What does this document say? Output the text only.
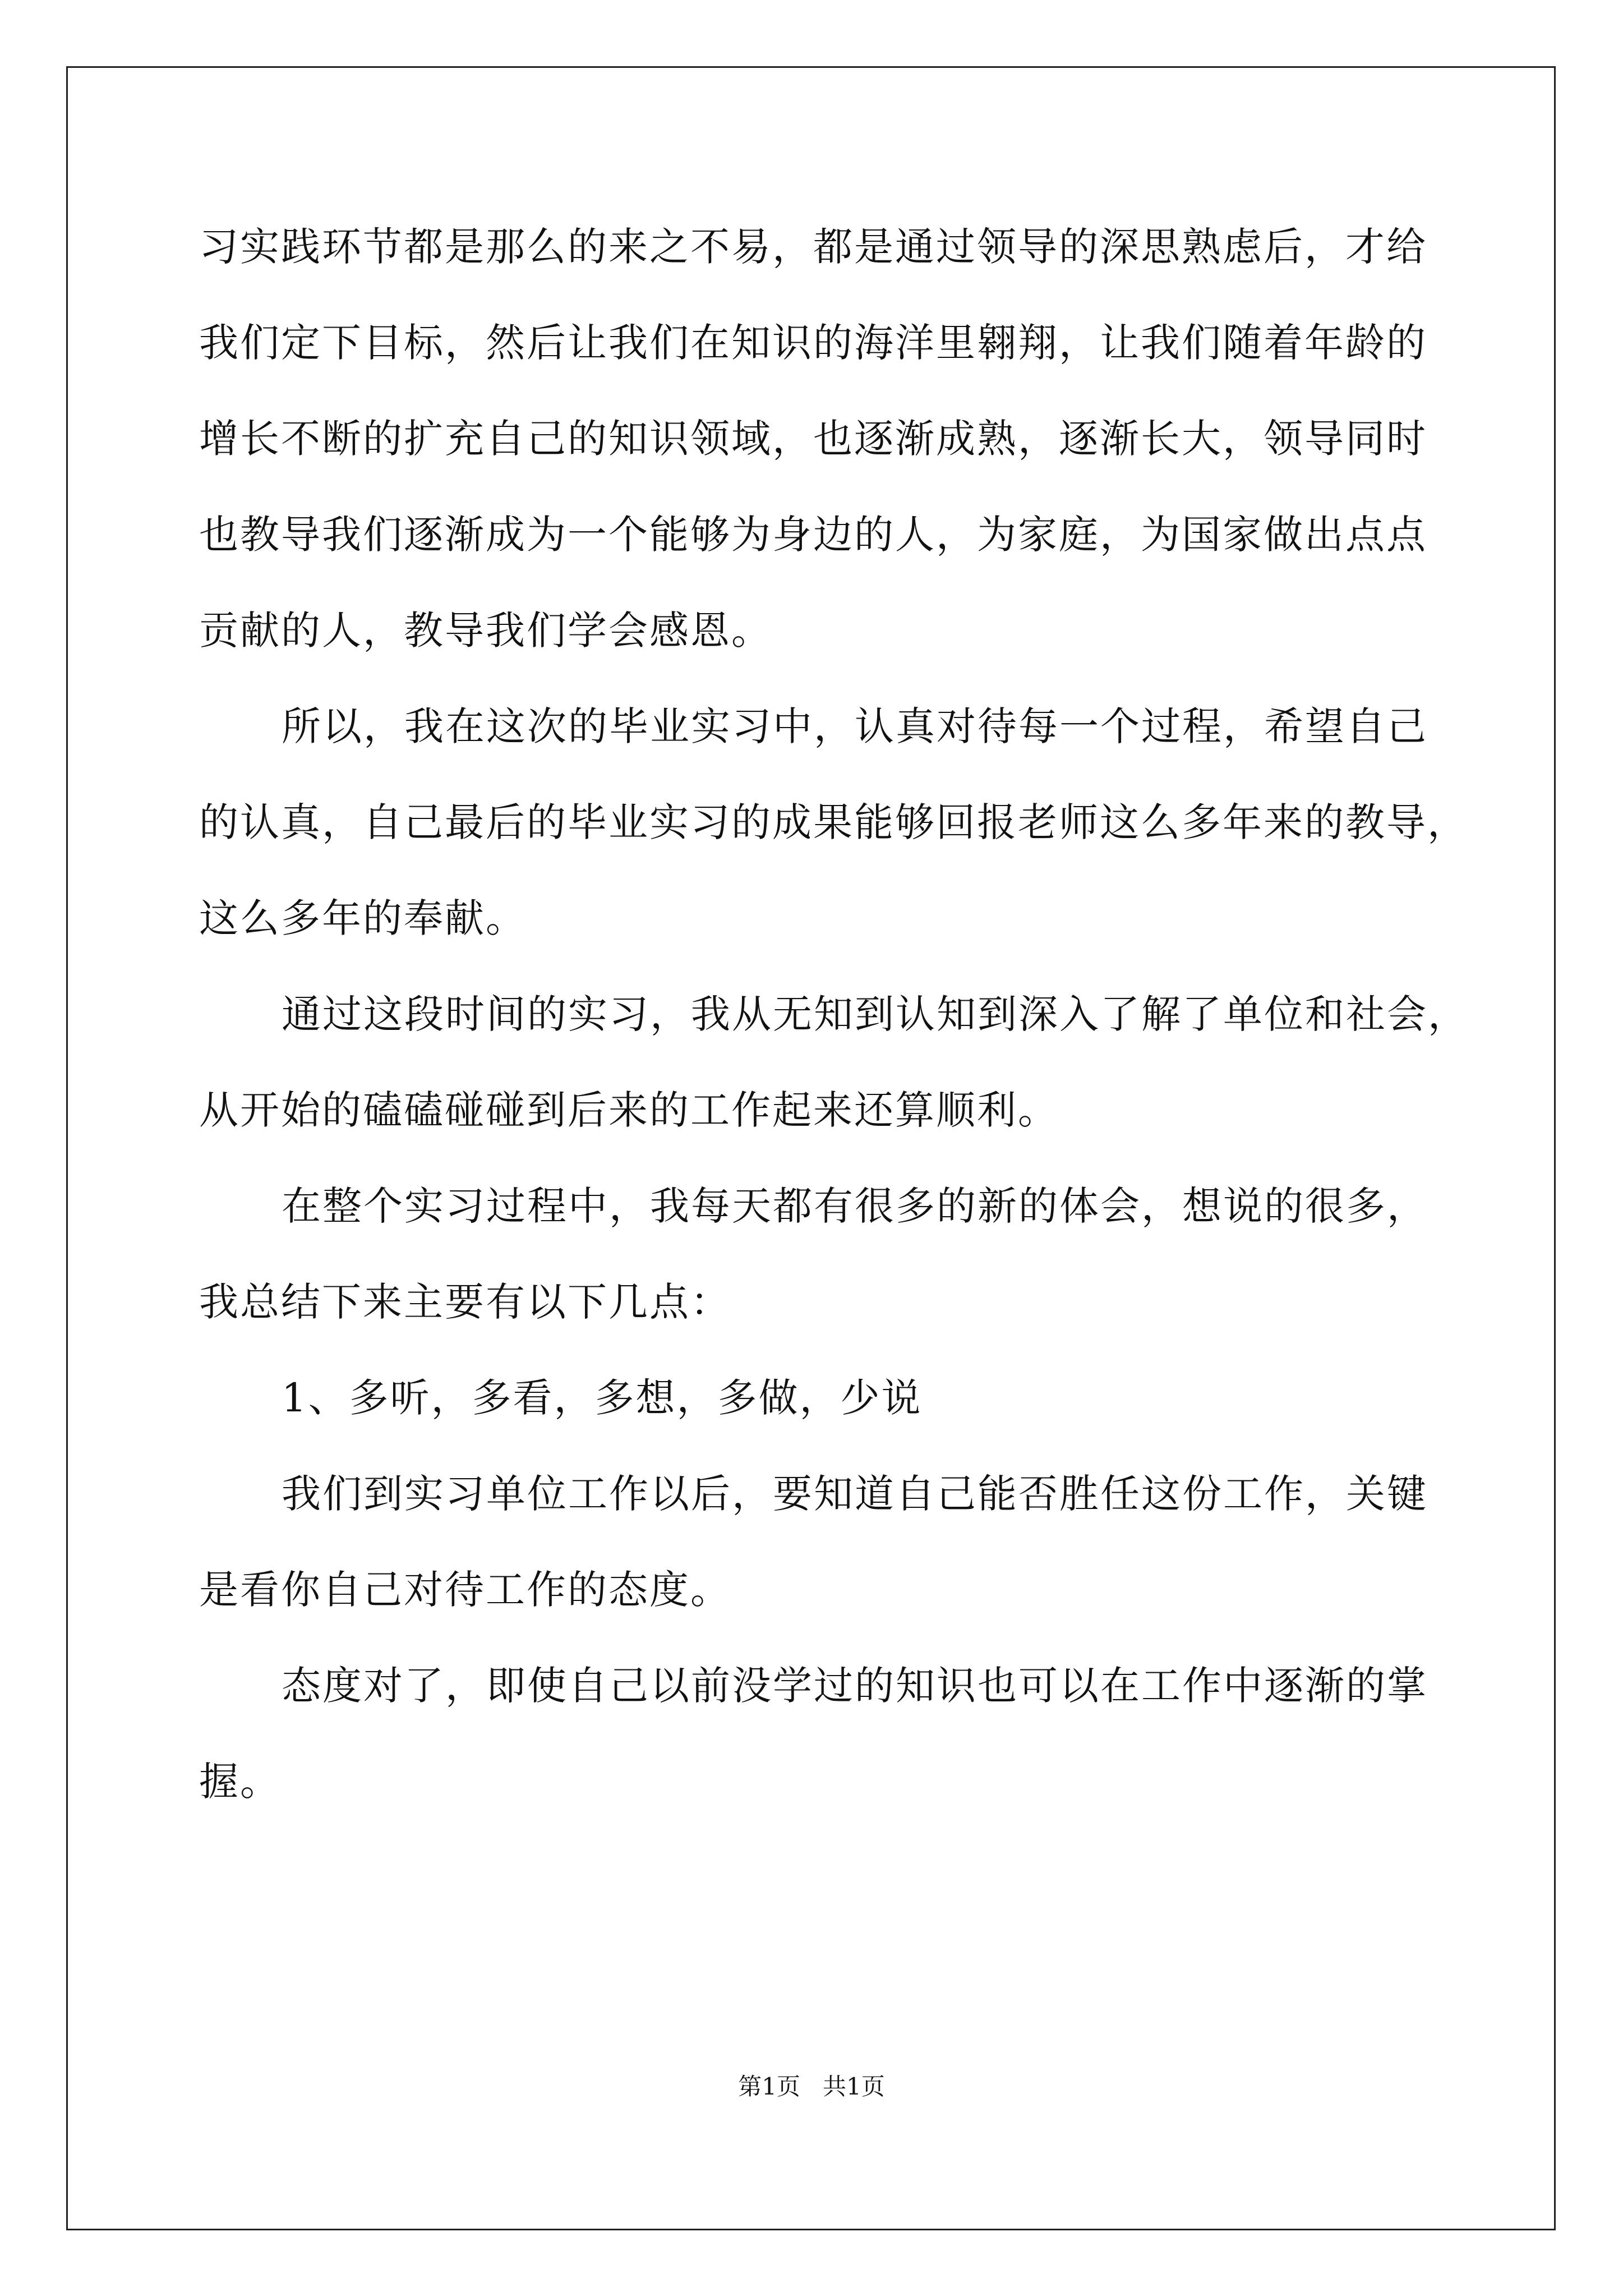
习实践环节都是那么的来之不易，都是通过领导的深思熟虑后，才给
我们定下目标，然后让我们在知识的海洋里翱翔，让我们随着年龄的
增长不断的扩充自己的知识领域，也逐渐成熟，逐渐长大，领导同时
也教导我们逐渐成为一个能够为身边的人，为家庭，为国家做出点点
贡献的人，教导我们学会感恩。
所以，我在这次的毕业实习中，认真对待每一个过程，希望自己
的认真，自己最后的毕业实习的成果能够回报老师这么多年来的教导，
这么多年的奉献。
通过这段时间的实习，我从无知到认知到深入了解了单位和社会，
从开始的磕磕碰碰到后来的工作起来还算顺利。
在整个实习过程中，我每天都有很多的新的体会，想说的很多，
我总结下来主要有以下几点：
1、多听，多看，多想，多做，少说
我们到实习单位工作以后，要知道自己能否胜任这份工作，关键
是看你自己对待工作的态度。
态度对了，即使自己以前没学过的知识也可以在工作中逐渐的掌
握。
第1页   共1页
